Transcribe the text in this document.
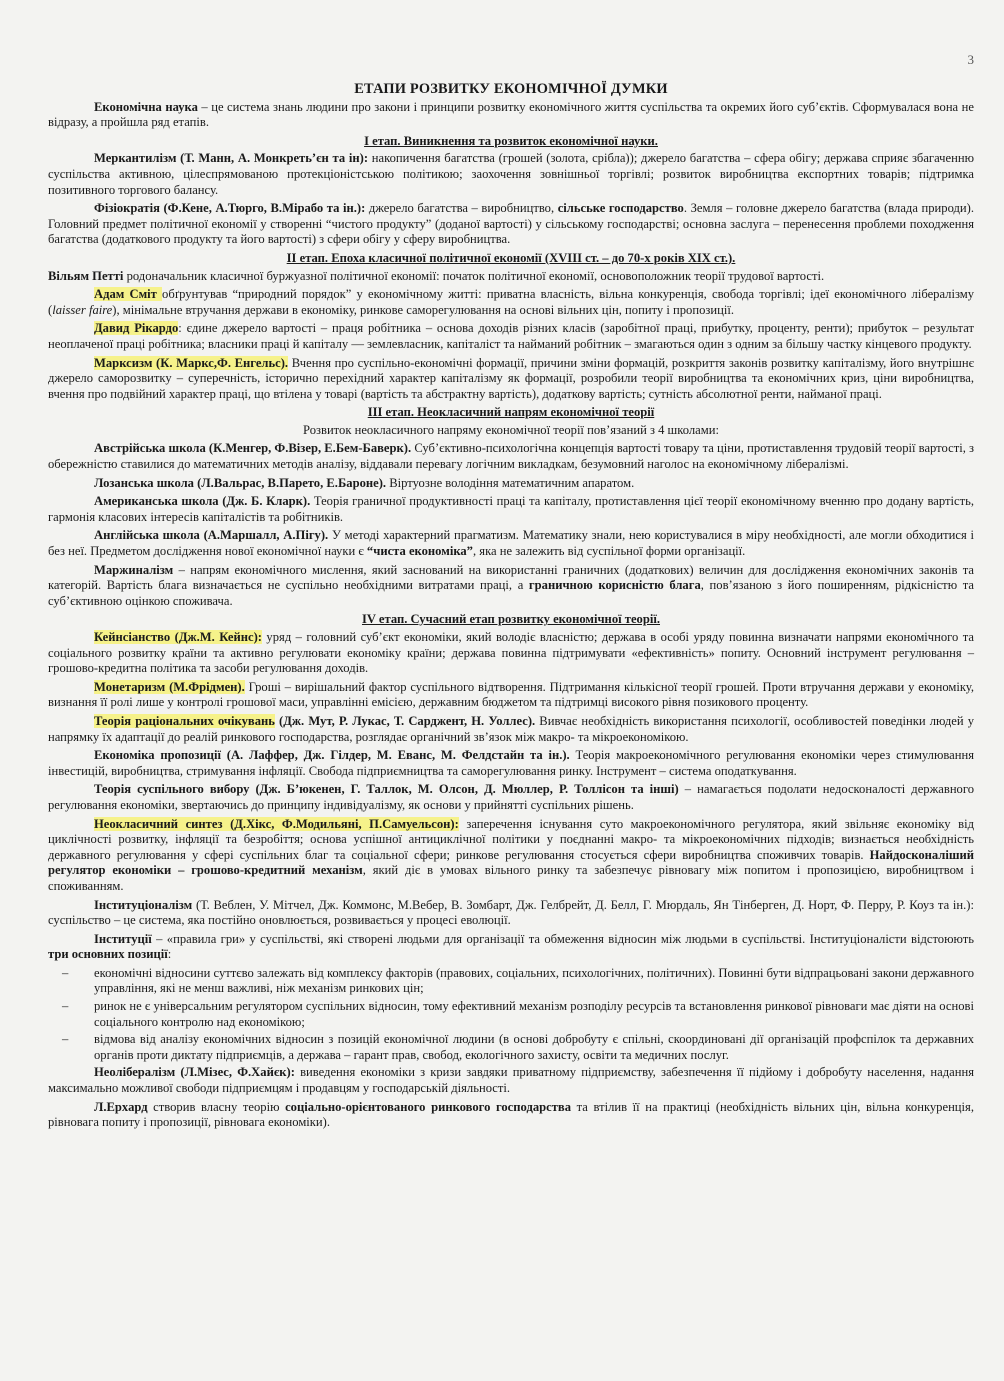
3
ЕТАПИ РОЗВИТКУ ЕКОНОМІЧНОЇ ДУМКИ

Економічна наука – це система знань людини про закони і принципи розвитку економічного життя суспільства та окремих його суб’єктів. Сформувалася вона не відразу, а пройшла ряд етапів.

І етап. Виникнення та розвиток економічної науки.

Меркантилізм (Т. Манн, А. Монкреть’єн та ін): накопичення багатства (грошей (золота, срібла)); джерело багатства – сфера обігу; держава сприяє збагаченню суспільства активною, цілеспрямованою протекціоністською політикою; заохочення зовнішньої торгівлі; розвиток виробництва експортних товарів; підтримка позитивного торгового балансу.

Фізіократія (Ф.Кене, А.Тюрго, В.Мірабо та ін.): джерело багатства – виробництво, сільське господарство. Земля – головне джерело багатства (влада природи). Головний предмет політичної економії у створенні “чистого продукту” (доданої вартості) у сільському господарстві; основна заслуга – перенесення проблеми походження багатства (додаткового продукту та його вартості) з сфери обігу у сферу виробництва.

ІІ етап. Епоха класичної політичної економії (XVIII ст. – до 70-х років XIX ст.).

Вільям Петті родоначальник класичної буржуазної політичної економії: початок політичної економії, основоположник теорії трудової вартості.

Адам Сміт обґрунтував “природний порядок” у економічному житті: приватна власність, вільна конкуренція, свобода торгівлі; ідеї економічного лібералізму (laisser faire), мінімальне втручання держави в економіку, ринкове саморегулювання на основі вільних цін, попиту і пропозиції.

Давид Рікардо: єдине джерело вартості – праця робітника – основа доходів різних класів (заробітної праці, прибутку, проценту, ренти); прибуток – результат неоплаченої праці робітника; власники праці й капіталу — землевласник, капіталіст та найманий робітник – змагаються один з одним за більшу частку кінцевого продукту.

Марксизм (К. Маркс,Ф. Енгельс). Вчення про суспільно-економічні формації, причини зміни формацій, розкриття законів розвитку капіталізму, його внутрішнє джерело саморозвитку – суперечність, історично перехідний характер капіталізму як формації, розробили теорії виробництва та економічних криз, ціни виробництва, вчення про подвійний характер праці, що втілена у товарі (вартість та абстрактну вартість), додаткову вартість; сутність абсолютної ренти, найманої праці.

ІІІ етап. Неокласичний напрям економічної теорії

Розвиток неокласичного напряму економічної теорії пов’язаний з 4 школами:

Австрійська школа (К.Менгер, Ф.Візер, Е.Бем-Баверк). Суб’єктивно-психологічна концепція вартості товару та ціни, протиставлення трудовій теорії вартості, з обережністю ставилися до математичних методів аналізу, віддавали перевагу логічним викладкам, безумовний наголос на економічному лібералізмі.

Лозанська школа (Л.Вальрас, В.Парето, Е.Бароне). Віртуозне володіння математичним апаратом.

Американська школа (Дж. Б. Кларк). Теорія граничної продуктивності праці та капіталу, протиставлення цієї теорії економічному вченню про додану вартість, гармонія класових інтересів капіталістів та робітників.

Англійська школа (А.Маршалл, А.Пігу). У методі характерний прагматизм. Математику знали, нею користувалися в міру необхідності, але могли обходитися і без неї. Предметом дослідження нової економічної науки є “чиста економіка”, яка не залежить від суспільної форми організації.

Маржиналізм – напрям економічного мислення, який заснований на використанні граничних (додаткових) величин для дослідження економічних законів та категорій. Вартість блага визначається не суспільно необхідними витратами праці, а граничною корисністю блага, пов’язаною з його поширенням, рідкісністю та суб’єктивною оцінкою споживача.

IV етап. Сучасний етап розвитку економічної теорії.

Кейнсіанство (Дж.М. Кейнс): уряд – головний суб’єкт економіки, який володіє власністю; держава в особі уряду повинна визначати напрями економічного та соціального розвитку країни та активно регулювати економіку країни; держава повинна підтримувати «ефективність» попиту. Основний інструмент регулювання – грошово-кредитна політика та засоби регулювання доходів.

Монетаризм (М.Фрідмен). Гроші – вирішальний фактор суспільного відтворення. Підтримання кількісної теорії грошей. Проти втручання держави у економіку, визнання її ролі лише у контролі грошової маси, управлінні емісією, державним бюджетом та підтримці високого рівня позикового проценту.

Теорія раціональних очікувань (Дж. Мут, Р. Лукас, Т. Сарджент, Н. Уоллес). Вивчає необхідність використання психології, особливостей поведінки людей у напрямку їх адаптації до реалій ринкового господарства, розглядає органічний зв’язок між макро- та мікроекономікою.

Економіка пропозиції (А. Лаффер, Дж. Гілдер, М. Еванс, М. Фелдстайн та ін.). Теорія макроекономічного регулювання економіки через стимулювання інвестицій, виробництва, стримування інфляції. Свобода підприємництва та саморегулювання ринку. Інструмент – система оподаткування.

Теорія суспільного вибору (Дж. Б’юкенен, Г. Таллок, М. Олсон, Д. Мюллер, Р. Толлісон та інші) – намагається подолати недосконалості державного регулювання економіки, звертаючись до принципу індивідуалізму, як основи у прийнятті суспільних рішень.

Неокласичний синтез (Д.Хікс, Ф.Модильяні, П.Самуельсон): заперечення існування суто макроекономічного регулятора, який звільняє економіку від циклічності розвитку, інфляції та безробіття; основа успішної антициклічної політики у поєднанні макро- та мікроекономічних підходів; визнається необхідність державного регулювання у сфері суспільних благ та соціальної сфери; ринкове регулювання стосується сфери виробництва споживчих товарів. Найдосконаліший регулятор економіки – грошово-кредитний механізм, який діє в умовах вільного ринку та забезпечує рівновагу між попитом і пропозицією, виробництвом і споживанням.

Інституціоналізм (Т. Веблен, У. Мітчел, Дж. Коммонс, М.Вебер, В. Зомбарт, Дж. Гелбрейт, Д. Белл, Г. Мюрдаль, Ян Тінберген, Д. Норт, Ф. Перру, Р. Коуз та ін.): суспільство – це система, яка постійно оновлюється, розвивається у процесі еволюції.

Інституції – «правила гри» у суспільстві, які створені людьми для організації та обмеження відносин між людьми в суспільстві. Інституціоналісти відстоюють три основних позиції:

– економічні відносини суттєво залежать від комплексу факторів (правових, соціальних, психологічних, політичних). Повинні бути відпрацьовані закони державного управління, які не менш важливі, ніж механізм ринкових цін;
– ринок не є універсальним регулятором суспільних відносин, тому ефективний механізм розподілу ресурсів та встановлення ринкової рівноваги має діяти на основі соціального контролю над економікою;
– відмова від аналізу економічних відносин з позицій економічної людини (в основі добробуту є спільні, скоординовані дії організацій профспілок та державних органів проти диктату підприємців, а держава – гарант прав, свобод, екологічного захисту, освіти та медичних послуг.

Неолібералізм (Л.Мізес, Ф.Хайєк): виведення економіки з кризи завдяки приватному підприємству, забезпечення її підйому і добробуту населення, надання максимально можливої свободи підприємцям і продавцям у господарській діяльності.

Л.Ерхард створив власну теорію соціально-орієнтованого ринкового господарства та втілив її на практиці (необхідність вільних цін, вільна конкуренція, рівновага попиту і пропозиції, рівновага економіки).
